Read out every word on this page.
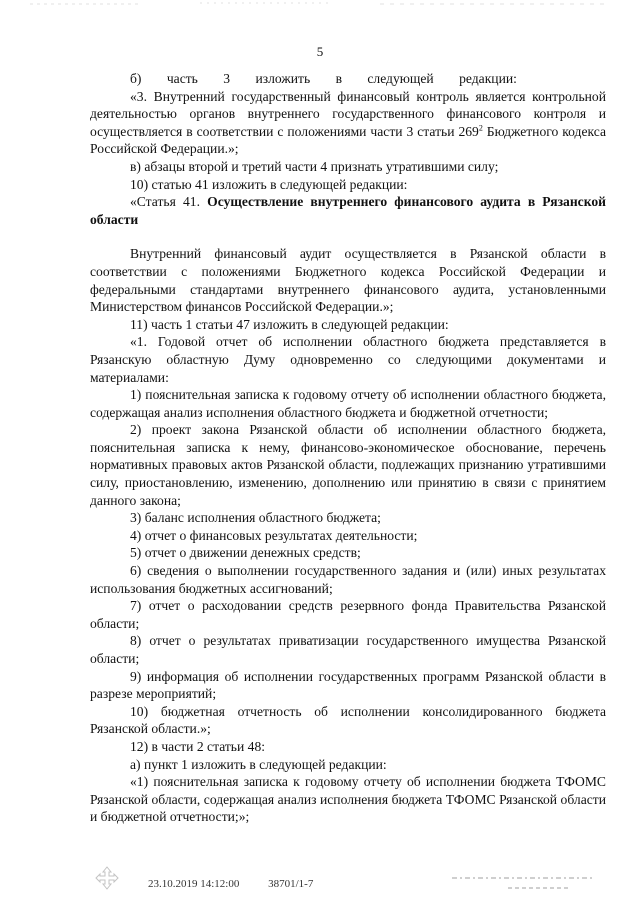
5

б) часть 3 изложить в следующей редакции:

«3. Внутренний государственный финансовый контроль является контрольной деятельностью органов внутреннего государственного финансового контроля и осуществляется в соответствии с положениями части 3 статьи $269^2$ Бюджетного кодекса Российской Федерации.»;

в) абзацы второй и третий части 4 признать утратившими силу;

10) статью 41 изложить в следующей редакции:

«Статья 41. Осуществление внутреннего финансового аудита в Рязанской области

Внутренний финансовый аудит осуществляется в Рязанской области в соответствии с положениями Бюджетного кодекса Российской Федерации и федеральными стандартами внутреннего финансового аудита, установленными Министерством финансов Российской Федерации.»;

11) часть 1 статьи 47 изложить в следующей редакции:

«1. Годовой отчет об исполнении областного бюджета представляется в Рязанскую областную Думу одновременно со следующими документами и материалами:

1) пояснительная записка к годовому отчету об исполнении областного бюджета, содержащая анализ исполнения областного бюджета и бюджетной отчетности;

2) проект закона Рязанской области об исполнении областного бюджета, пояснительная записка к нему, финансово-экономическое обоснование, перечень нормативных правовых актов Рязанской области, подлежащих признанию утратившими силу, приостановлению, изменению, дополнению или принятию в связи с принятием данного закона;

3) баланс исполнения областного бюджета;

4) отчет о финансовых результатах деятельности;

5) отчет о движении денежных средств;

6) сведения о выполнении государственного задания и (или) иных результатах использования бюджетных ассигнований;

7) отчет о расходовании средств резервного фонда Правительства Рязанской области;

8) отчет о результатах приватизации государственного имущества Рязанской области;

9) информация об исполнении государственных программ Рязанской области в разрезе мероприятий;

10) бюджетная отчетность об исполнении консолидированного бюджета Рязанской области.»;

12) в части 2 статьи 48:

а) пункт 1 изложить в следующей редакции:

«1) пояснительная записка к годовому отчету об исполнении бюджета ТФОМС Рязанской области, содержащая анализ исполнения бюджета ТФОМС Рязанской области и бюджетной отчетности;»;

23.10.2019 14:12:00	38701/1-7
